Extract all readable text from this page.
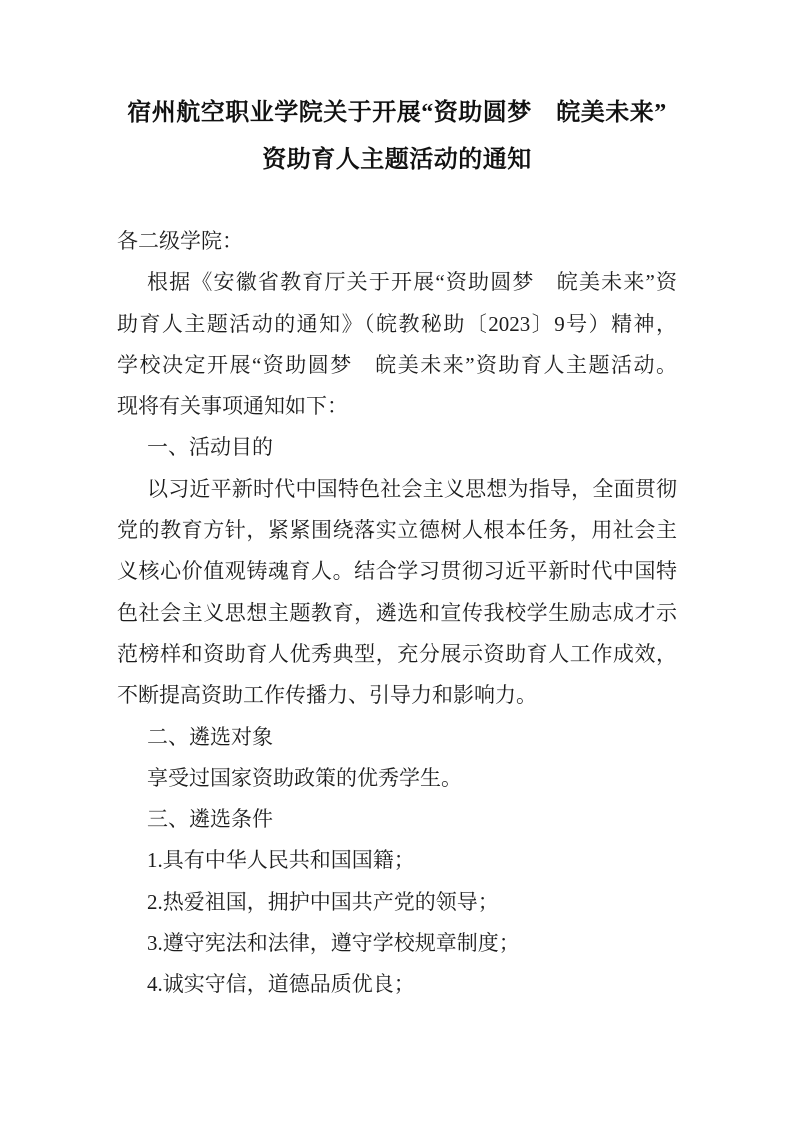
宿州航空职业学院关于开展“资助圆梦　皖美未来”
资助育人主题活动的通知
各二级学院：
根据《安徽省教育厅关于开展“资助圆梦　皖美未来”资
助育人主题活动的通知》（皖教秘助〔2023〕9号）精神，
学校决定开展“资助圆梦　皖美未来”资助育人主题活动。
现将有关事项通知如下：
一、活动目的
以习近平新时代中国特色社会主义思想为指导，全面贯彻
党的教育方针，紧紧围绕落实立德树人根本任务，用社会主
义核心价值观铸魂育人。结合学习贯彻习近平新时代中国特
色社会主义思想主题教育，遴选和宣传我校学生励志成才示
范榜样和资助育人优秀典型，充分展示资助育人工作成效，
不断提高资助工作传播力、引导力和影响力。
二、遴选对象
享受过国家资助政策的优秀学生。
三、遴选条件
1.具有中华人民共和国国籍；
2.热爱祖国，拥护中国共产党的领导；
3.遵守宪法和法律，遵守学校规章制度；
4.诚实守信，道德品质优良；
